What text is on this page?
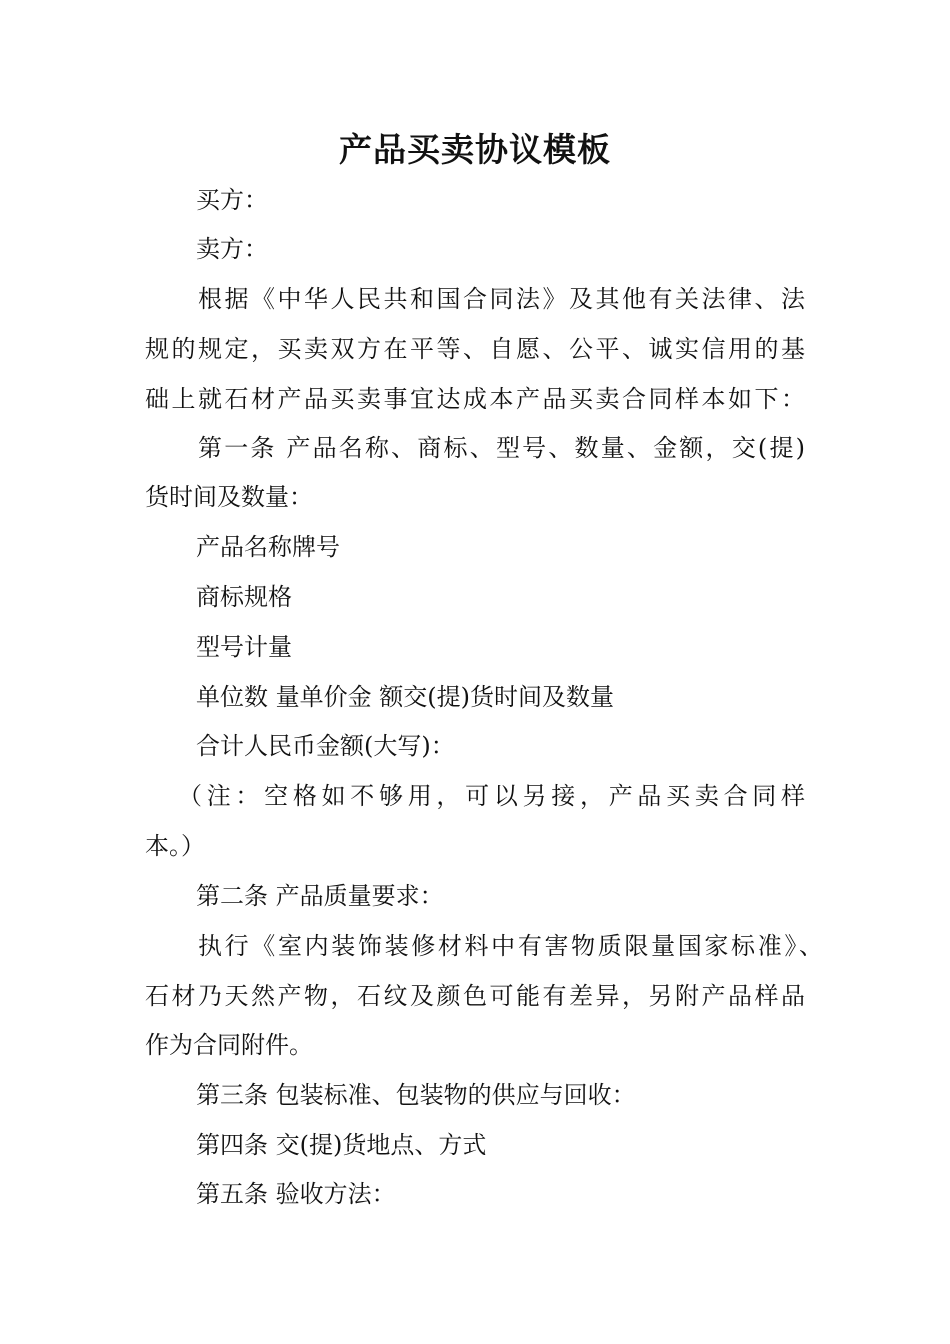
产品买卖协议模板
买方：
卖方：
根据《中华人民共和国合同法》及其他有关法律、法
规的规定，买卖双方在平等、自愿、公平、诚实信用的基
础上就石材产品买卖事宜达成本产品买卖合同样本如下：
第一条 产品名称、商标、型号、数量、金额，交(提)
货时间及数量：
产品名称牌号
商标规格
型号计量
单位数 量单价金 额交(提)货时间及数量
合计人民币金额(大写)：
（注：空格如不够用，可以另接，产品买卖合同样
本。）
第二条 产品质量要求：
执行《室内装饰装修材料中有害物质限量国家标准》、
石材乃天然产物，石纹及颜色可能有差异，另附产品样品
作为合同附件。
第三条 包装标准、包装物的供应与回收：
第四条 交(提)货地点、方式
第五条 验收方法：
